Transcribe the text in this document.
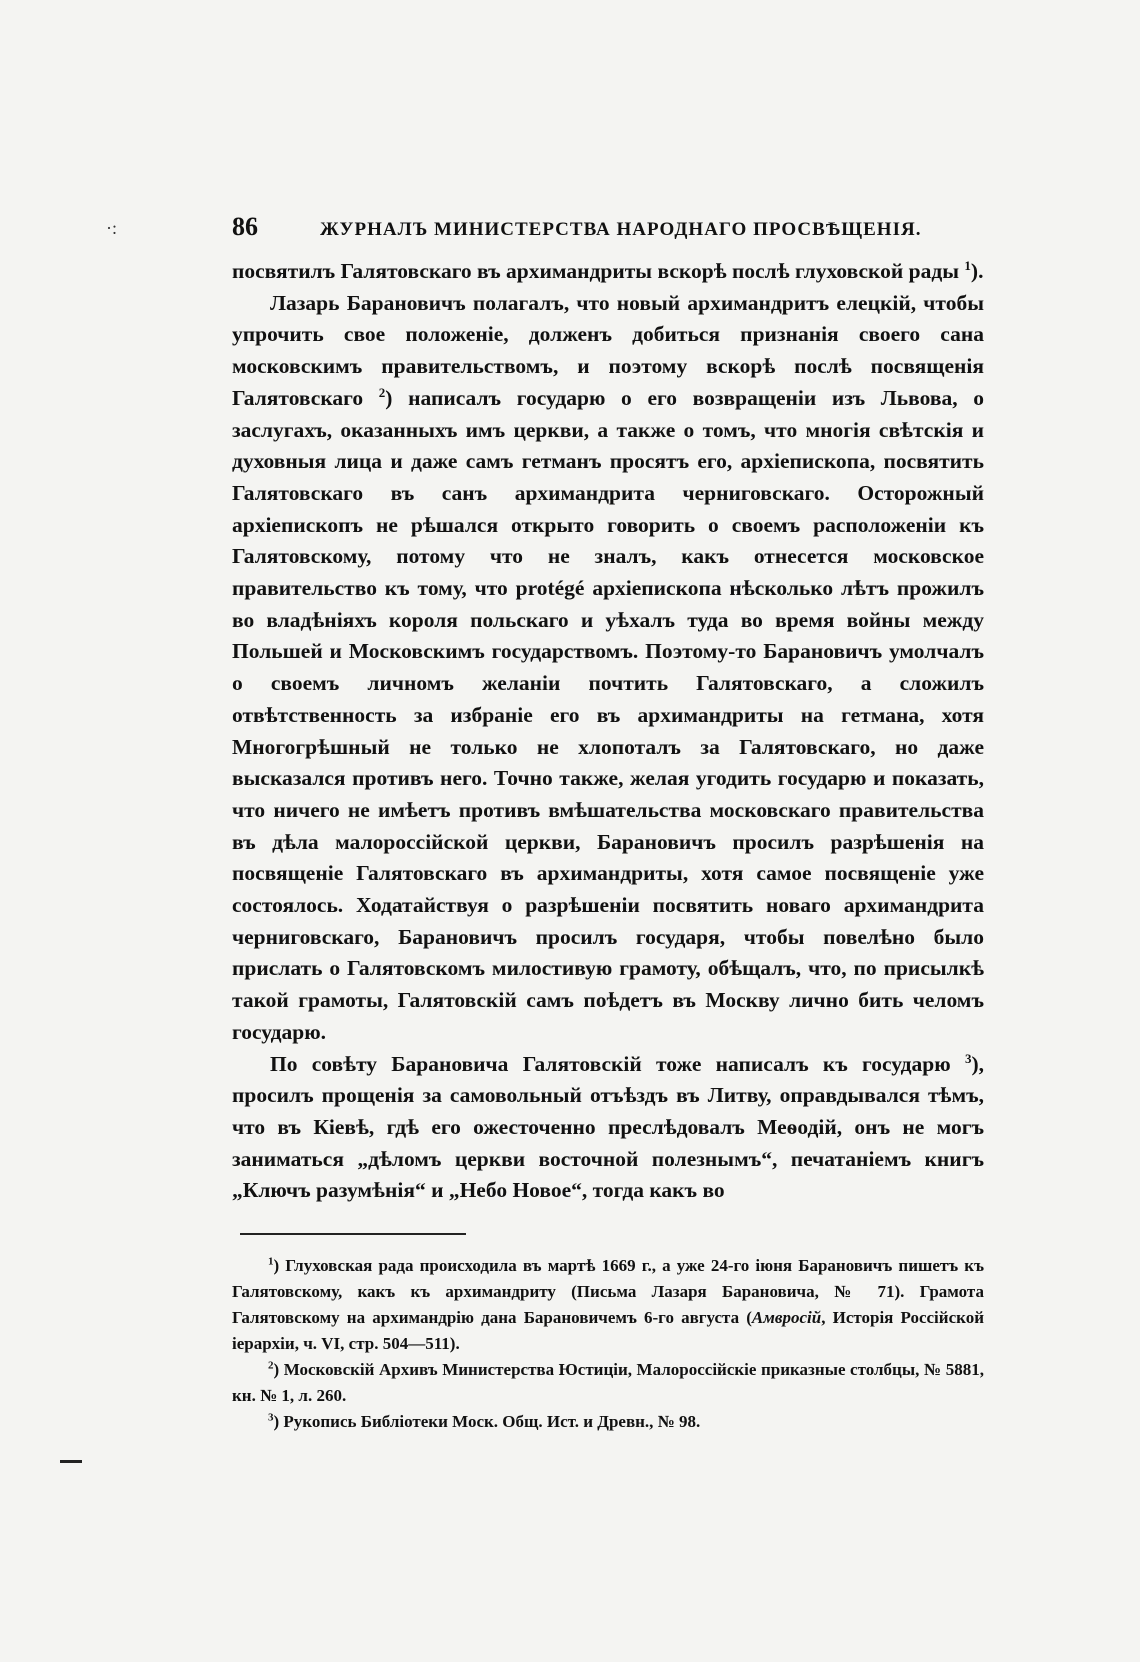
·:	86	ЖУРНАЛЪ МИНИСТЕРСТВА НАРОДНАГО ПРОСВѢЩЕНІЯ.

посвятилъ Галятовскаго въ архимандриты вскорѣ послѣ глуховской рады $^1$).

Лазарь Барановичъ полагалъ, что новый архимандритъ елецкій, чтобы упрочить свое положеніе, долженъ добиться признанія своего сана московскимъ правительствомъ, и поэтому вскорѣ послѣ посвященія Галятовскаго $^2$) написалъ государю о его возвращеніи изъ Львова, о заслугахъ, оказанныхъ имъ церкви, а также о томъ, что многія свѣтскія и духовныя лица и даже самъ гетманъ просятъ его, архіепископа, посвятить Галятовскаго въ санъ архимандрита черниговскаго. Осторожный архіепископъ не рѣшался открыто говорить о своемъ расположеніи къ Галятовскому, потому что не зналъ, какъ отнесется московское правительство къ тому, что protégé архіепископа нѣсколько лѣтъ прожилъ во владѣніяхъ короля польскаго и уѣхалъ туда во время войны между Польшей и Московскимъ государствомъ. Поэтому-то Барановичъ умолчалъ о своемъ личномъ желаніи почтить Галятовскаго, а сложилъ отвѣтственность за избраніе его въ архимандриты на гетмана, хотя Многогрѣшный не только не хлопоталъ за Галятовскаго, но даже высказался противъ него. Точно также, желая угодить государю и показать, что ничего не имѣетъ противъ вмѣшательства московскаго правительства въ дѣла малороссійской церкви, Барановичъ просилъ разрѣшенія на посвященіе Галятовскаго въ архимандриты, хотя самое посвященіе уже состоялось. Ходатайствуя о разрѣшеніи посвятить новаго архимандрита черниговскаго, Барановичъ просилъ государя, чтобы повелѣно было прислать о Галятовскомъ милостивую грамоту, обѣщалъ, что, по присылкѣ такой грамоты, Галятовскій самъ поѣдетъ въ Москву лично бить челомъ государю.

По совѣту Барановича Галятовскій тоже написалъ къ государю $^3$), просилъ прощенія за самовольный отъѣздъ въ Литву, оправдывался тѣмъ, что въ Кіевѣ, гдѣ его ожесточенно преслѣдовалъ Меѳодій, онъ не могъ заниматься „дѣломъ церкви восточной полезнымъ“, печатаніемъ книгъ „Ключъ разумѣнія“ и „Небо Новое“, тогда какъ во

$^1$) Глуховская рада происходила въ мартѣ 1669 г., а уже 24-го іюня Барановичъ пишетъ къ Галятовскому, какъ къ архимандриту (Письма Лазаря Барановича, № 71). Грамота Галятовскому на архимандрію дана Барановичемъ 6-го августа (Амвросій, Исторія Россійской іерархіи, ч. VI, стр. 504—511).

$^2$) Московскій Архивъ Министерства Юстиціи, Малороссійскіе приказные столбцы, № 5881, кн. № 1, л. 260.

$^3$) Рукопись Библіотеки Моск. Общ. Ист. и Древн., № 98.
